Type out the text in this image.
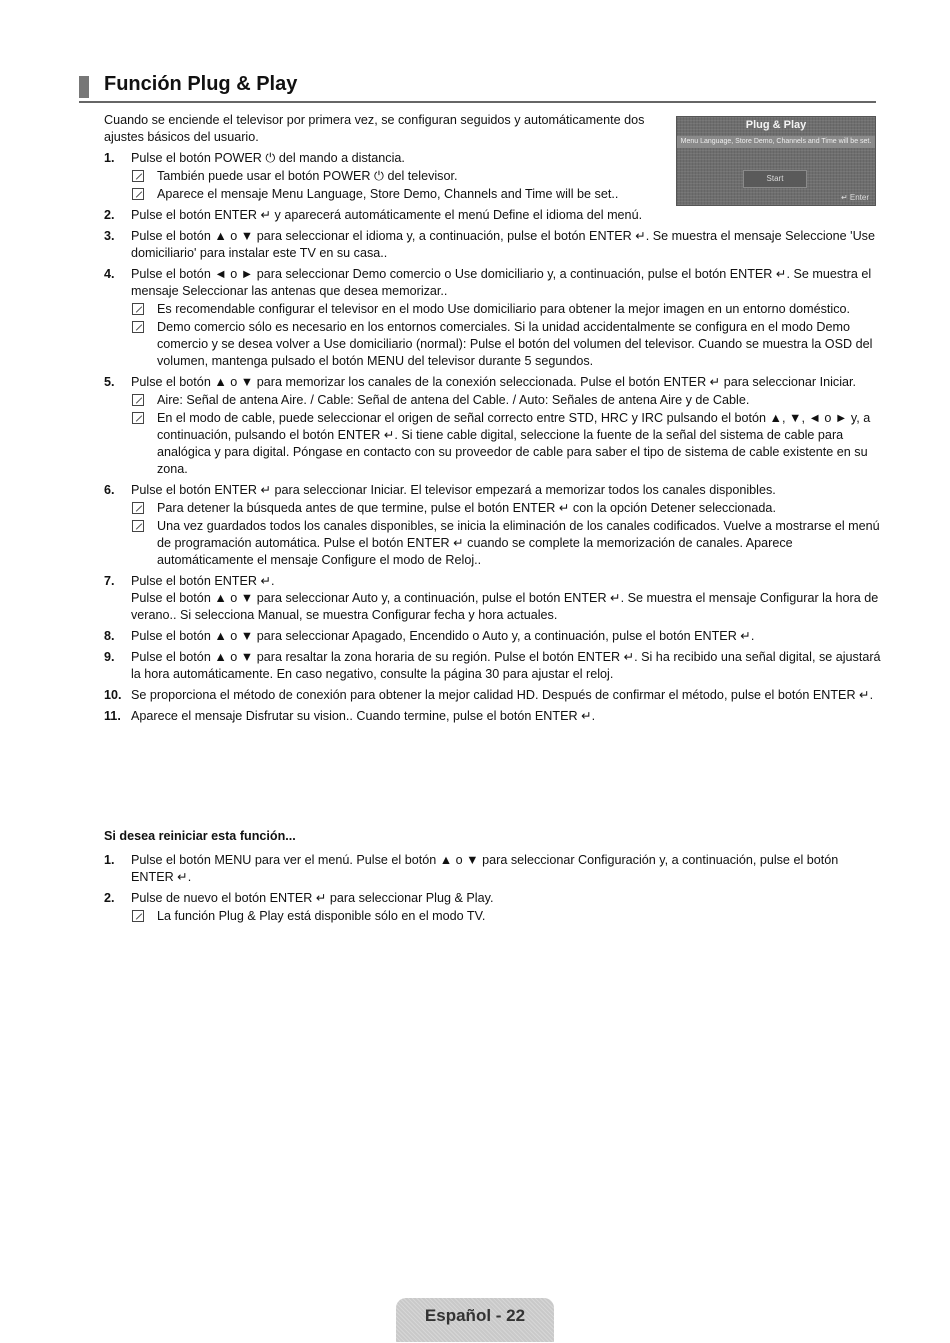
Función Plug & Play
Cuando se enciende el televisor por primera vez, se configuran seguidos y automáticamente dos ajustes básicos del usuario.
Plug & Play
Menu Language, Store Demo, Channels and Time will be set.
Start
↵ Enter
1. Pulse el botón POWER ⏻ del mando a distancia.
También puede usar el botón POWER ⏻ del televisor.
Aparece el mensaje Menu Language, Store Demo, Channels and Time will be set..
2. Pulse el botón ENTER ↵ y aparecerá automáticamente el menú Define el idioma del menú.
3. Pulse el botón ▲ o ▼ para seleccionar el idioma y, a continuación, pulse el botón ENTER ↵. Se muestra el mensaje Seleccione 'Use domiciliario' para instalar este TV en su casa..
4. Pulse el botón ◄ o ► para seleccionar Demo comercio o Use domiciliario y, a continuación, pulse el botón ENTER ↵. Se muestra el mensaje Seleccionar las antenas que desea memorizar..
Es recomendable configurar el televisor en el modo Use domiciliario para obtener la mejor imagen en un entorno doméstico.
Demo comercio sólo es necesario en los entornos comerciales. Si la unidad accidentalmente se configura en el modo Demo comercio y se desea volver a Use domiciliario (normal): Pulse el botón del volumen del televisor. Cuando se muestra la OSD del volumen, mantenga pulsado el botón MENU del televisor durante 5 segundos.
5. Pulse el botón ▲ o ▼ para memorizar los canales de la conexión seleccionada. Pulse el botón ENTER ↵ para seleccionar Iniciar.
Aire: Señal de antena Aire. / Cable: Señal de antena del Cable. / Auto: Señales de antena Aire y de Cable.
En el modo de cable, puede seleccionar el origen de señal correcto entre STD, HRC y IRC pulsando el botón ▲, ▼, ◄ o ► y, a continuación, pulsando el botón ENTER ↵. Si tiene cable digital, seleccione la fuente de la señal del sistema de cable para analógica y para digital. Póngase en contacto con su proveedor de cable para saber el tipo de sistema de cable existente en su zona.
6. Pulse el botón ENTER ↵ para seleccionar Iniciar. El televisor empezará a memorizar todos los canales disponibles.
Para detener la búsqueda antes de que termine, pulse el botón ENTER ↵ con la opción Detener seleccionada.
Una vez guardados todos los canales disponibles, se inicia la eliminación de los canales codificados. Vuelve a mostrarse el menú de programación automática. Pulse el botón ENTER ↵ cuando se complete la memorización de canales. Aparece automáticamente el mensaje Configure el modo de Reloj..
7. Pulse el botón ENTER ↵.
Pulse el botón ▲ o ▼ para seleccionar Auto y, a continuación, pulse el botón ENTER ↵. Se muestra el mensaje Configurar la hora de verano.. Si selecciona Manual, se muestra Configurar fecha y hora actuales.
8. Pulse el botón ▲ o ▼ para seleccionar Apagado, Encendido o Auto y, a continuación, pulse el botón ENTER ↵.
9. Pulse el botón ▲ o ▼ para resaltar la zona horaria de su región. Pulse el botón ENTER ↵. Si ha recibido una señal digital, se ajustará la hora automáticamente. En caso negativo, consulte la página 30 para ajustar el reloj.
10. Se proporciona el método de conexión para obtener la mejor calidad HD. Después de confirmar el método, pulse el botón ENTER ↵.
11. Aparece el mensaje Disfrutar su vision.. Cuando termine, pulse el botón ENTER ↵.
Si desea reiniciar esta función...
1. Pulse el botón MENU para ver el menú. Pulse el botón ▲ o ▼ para seleccionar Configuración y, a continuación, pulse el botón ENTER ↵.
2. Pulse de nuevo el botón ENTER ↵ para seleccionar Plug & Play.
La función Plug & Play está disponible sólo en el modo TV.
Español - 22
